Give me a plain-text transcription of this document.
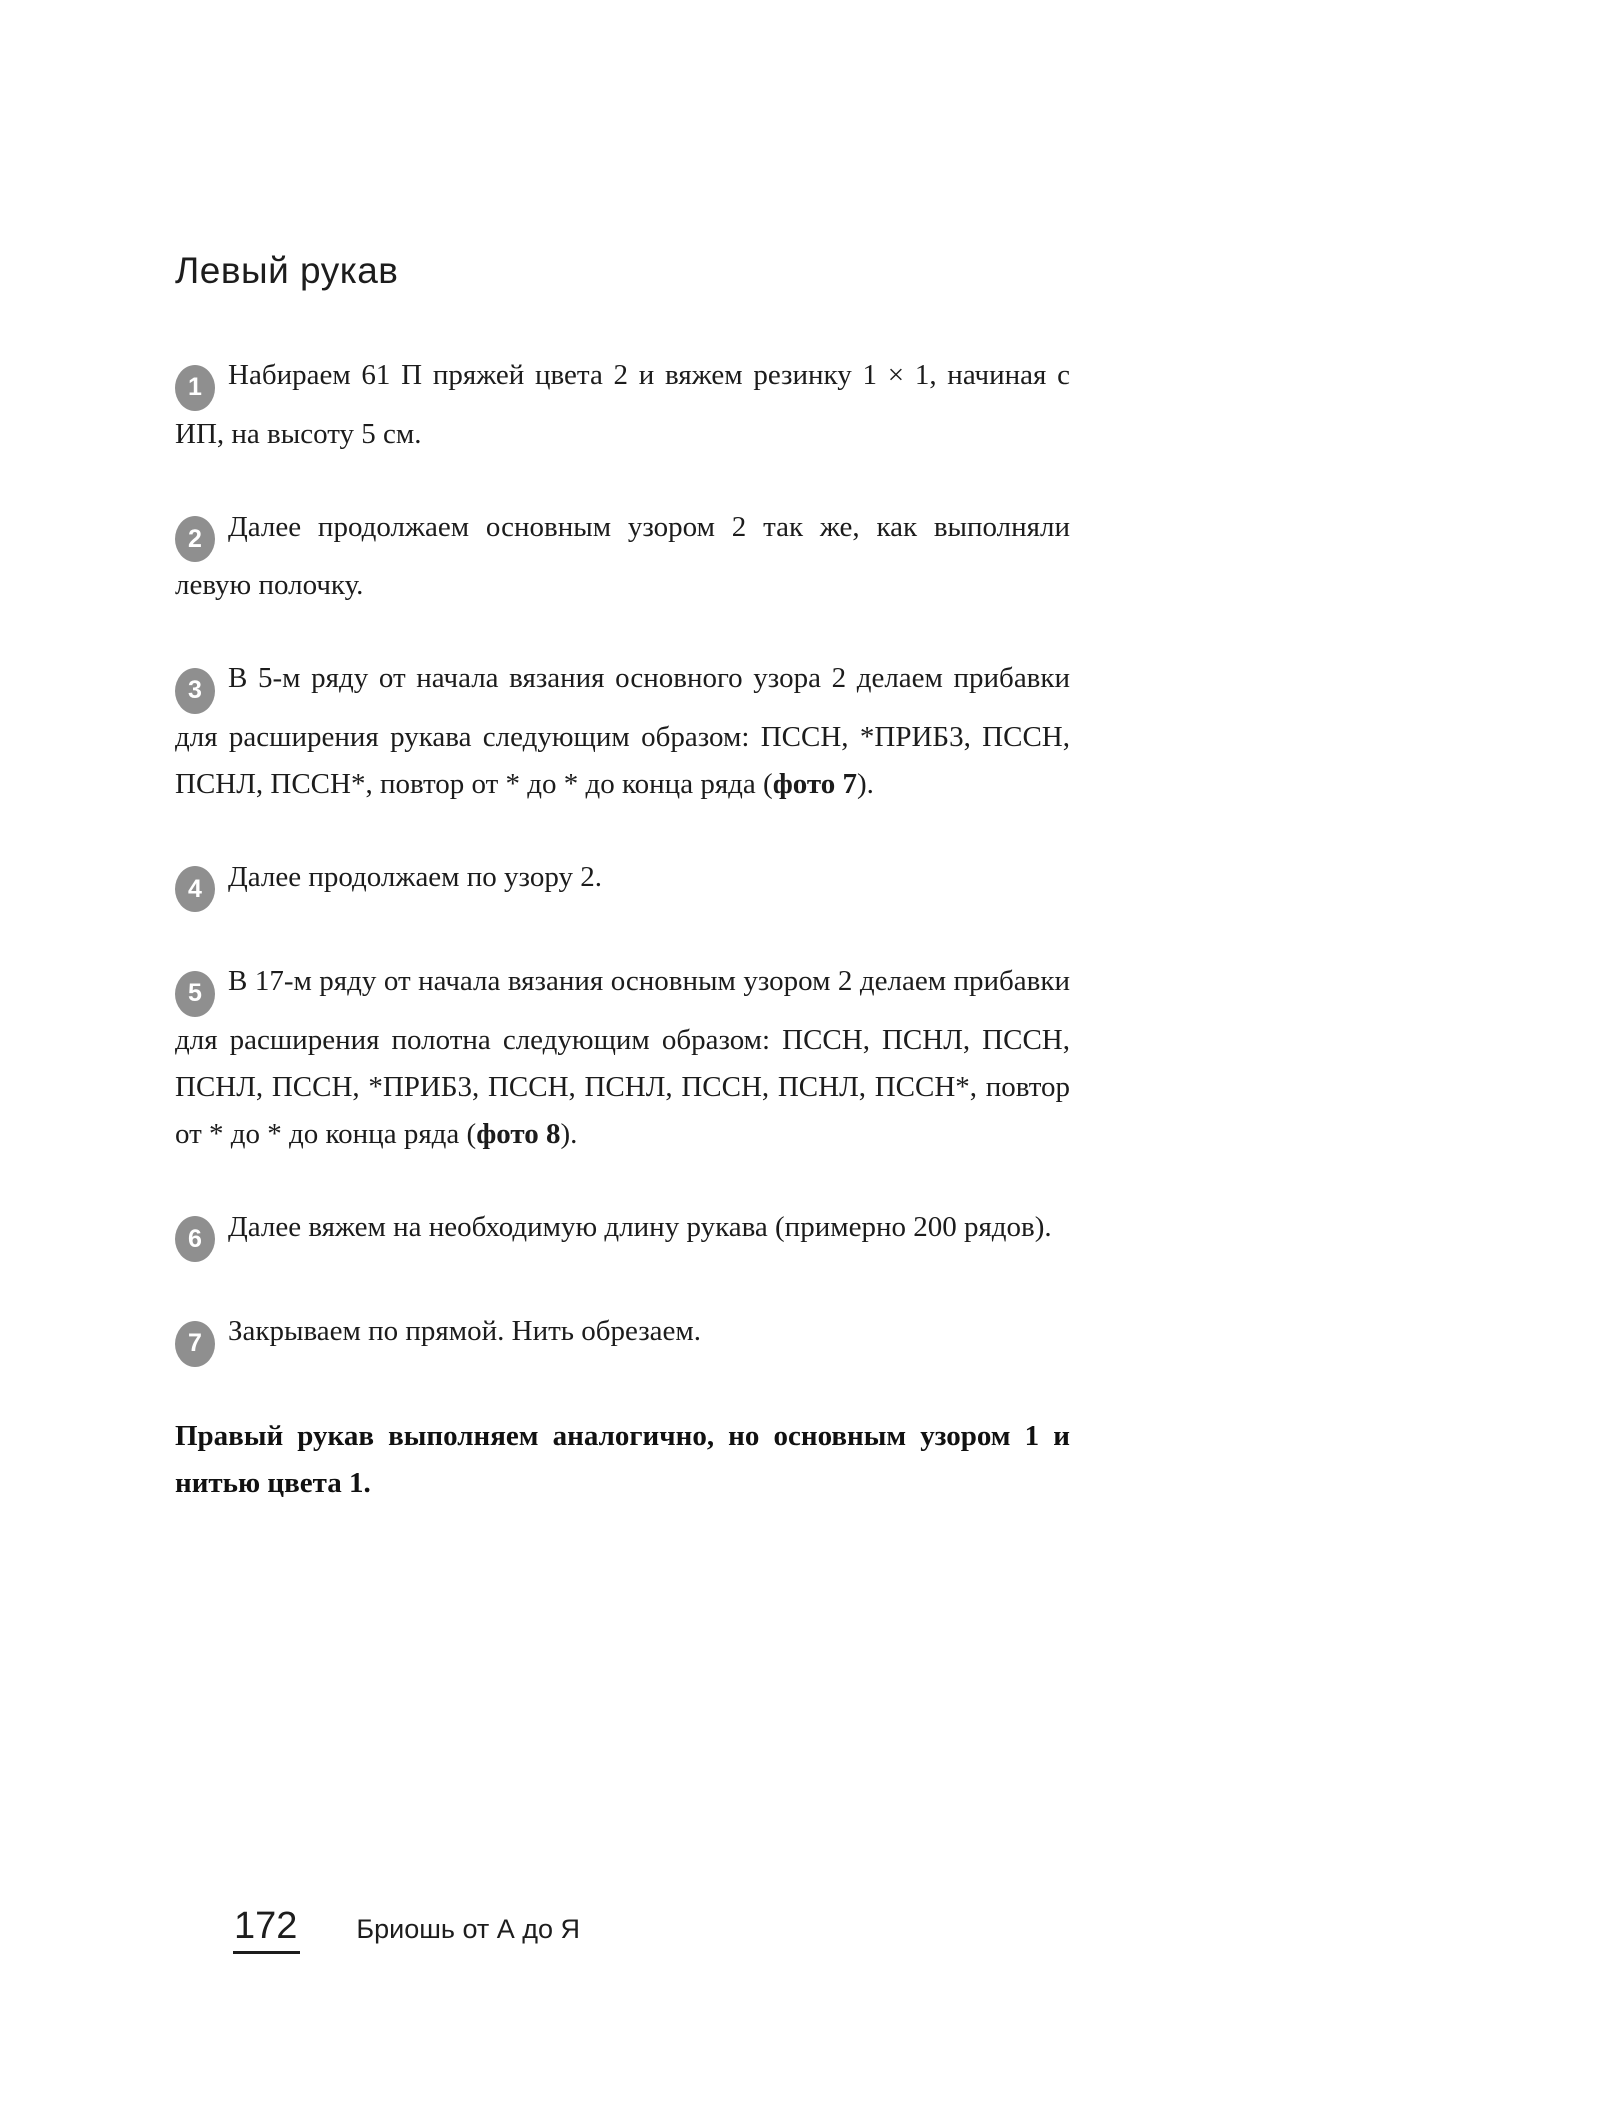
Левый рукав

1 Набираем 61 П пряжей цвета 2 и вяжем резинку 1 × 1, начиная с ИП, на высоту 5 см.

2 Далее продолжаем основным узором 2 так же, как выполняли левую полочку.

3 В 5-м ряду от начала вязания основного узора 2 делаем прибавки для расширения рукава следующим образом: ПССН, *ПРИБ3, ПССН, ПСНЛ, ПССН*, повтор от * до * до конца ряда (фото 7).

4 Далее продолжаем по узору 2.

5 В 17-м ряду от начала вязания основным узором 2 делаем прибавки для расширения полотна следующим образом: ПССН, ПСНЛ, ПССН, ПСНЛ, ПССН, *ПРИБ3, ПССН, ПСНЛ, ПССН, ПСНЛ, ПССН*, повтор от * до * до конца ряда (фото 8).

6 Далее вяжем на необходимую длину рукава (примерно 200 рядов).

7 Закрываем по прямой. Нить обрезаем.

Правый рукав выполняем аналогично, но основным узором 1 и нитью цвета 1.

172 Бриошь от А до Я
